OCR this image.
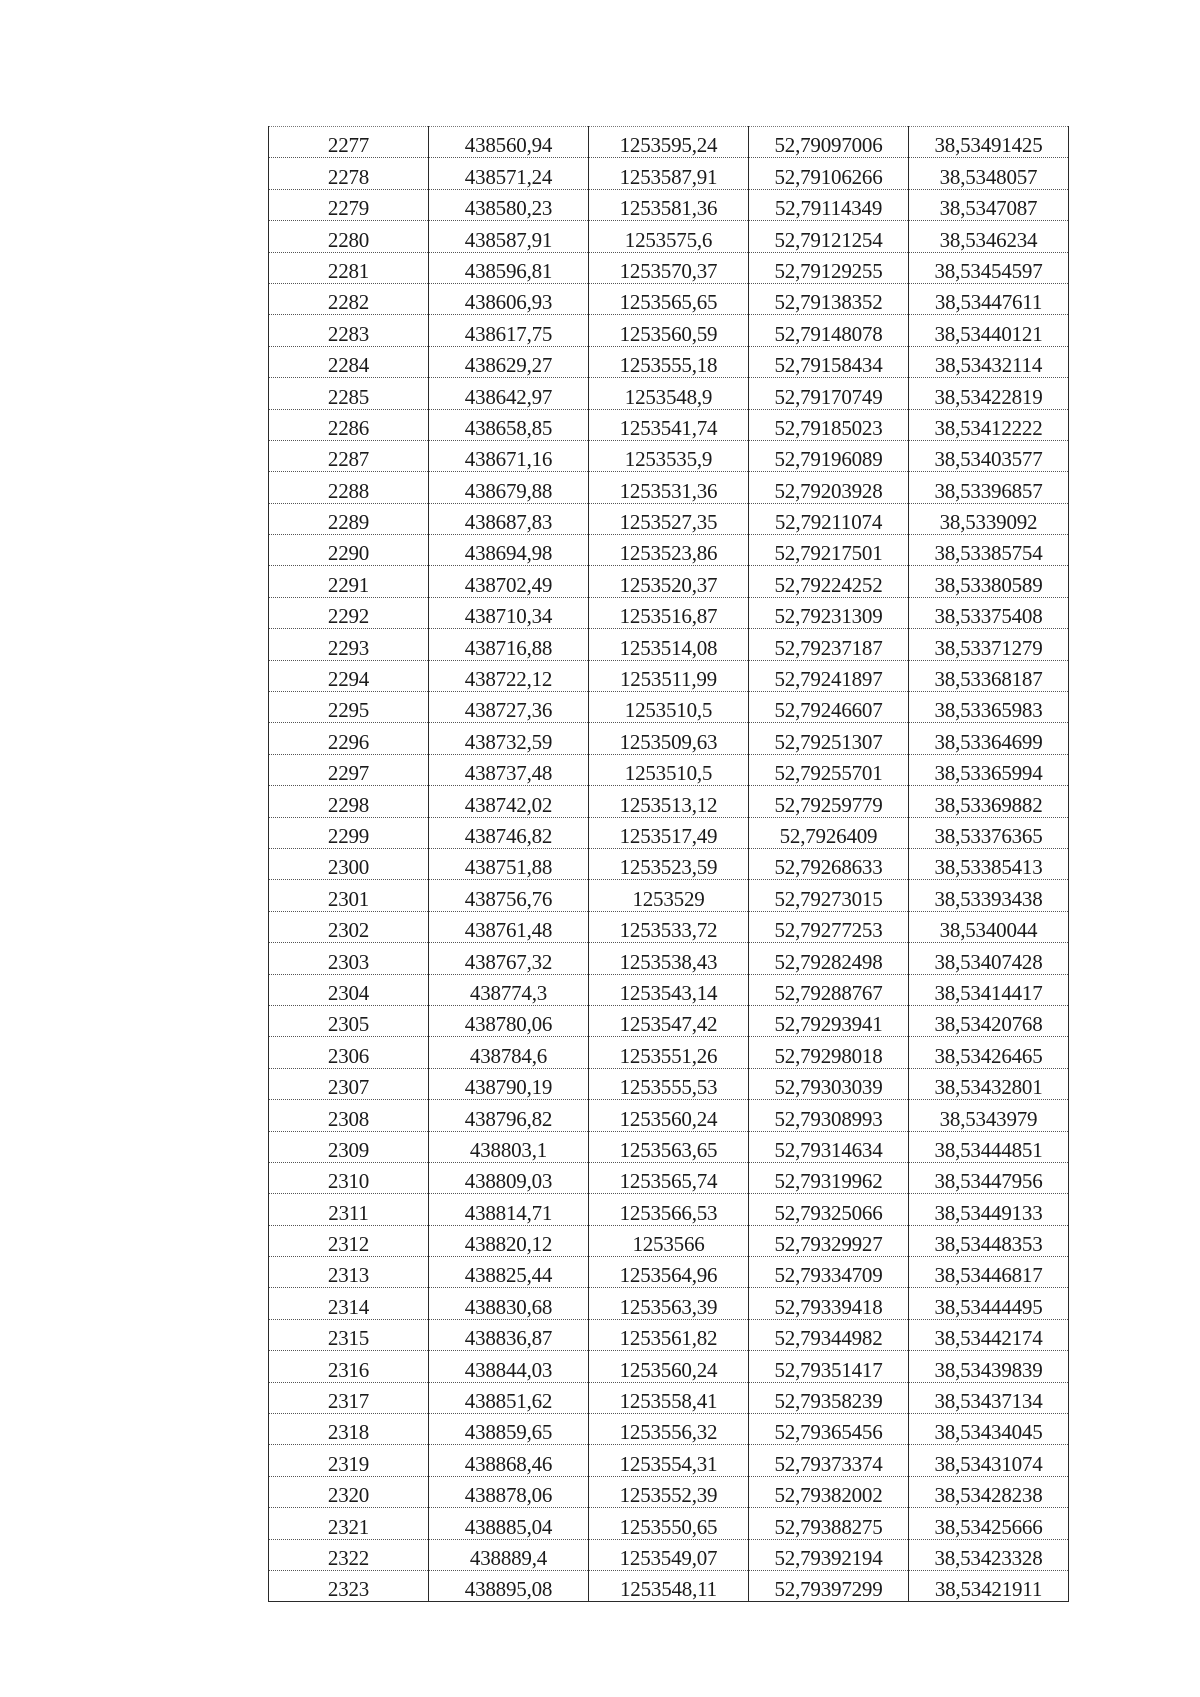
2277	438560,94	1253595,24	52,79097006	38,53491425
2278	438571,24	1253587,91	52,79106266	38,5348057
2279	438580,23	1253581,36	52,79114349	38,5347087
2280	438587,91	1253575,6	52,79121254	38,5346234
2281	438596,81	1253570,37	52,79129255	38,53454597
2282	438606,93	1253565,65	52,79138352	38,53447611
2283	438617,75	1253560,59	52,79148078	38,53440121
2284	438629,27	1253555,18	52,79158434	38,53432114
2285	438642,97	1253548,9	52,79170749	38,53422819
2286	438658,85	1253541,74	52,79185023	38,53412222
2287	438671,16	1253535,9	52,79196089	38,53403577
2288	438679,88	1253531,36	52,79203928	38,53396857
2289	438687,83	1253527,35	52,79211074	38,5339092
2290	438694,98	1253523,86	52,79217501	38,53385754
2291	438702,49	1253520,37	52,79224252	38,53380589
2292	438710,34	1253516,87	52,79231309	38,53375408
2293	438716,88	1253514,08	52,79237187	38,53371279
2294	438722,12	1253511,99	52,79241897	38,53368187
2295	438727,36	1253510,5	52,79246607	38,53365983
2296	438732,59	1253509,63	52,79251307	38,53364699
2297	438737,48	1253510,5	52,79255701	38,53365994
2298	438742,02	1253513,12	52,79259779	38,53369882
2299	438746,82	1253517,49	52,7926409	38,53376365
2300	438751,88	1253523,59	52,79268633	38,53385413
2301	438756,76	1253529	52,79273015	38,53393438
2302	438761,48	1253533,72	52,79277253	38,5340044
2303	438767,32	1253538,43	52,79282498	38,53407428
2304	438774,3	1253543,14	52,79288767	38,53414417
2305	438780,06	1253547,42	52,79293941	38,53420768
2306	438784,6	1253551,26	52,79298018	38,53426465
2307	438790,19	1253555,53	52,79303039	38,53432801
2308	438796,82	1253560,24	52,79308993	38,5343979
2309	438803,1	1253563,65	52,79314634	38,53444851
2310	438809,03	1253565,74	52,79319962	38,53447956
2311	438814,71	1253566,53	52,79325066	38,53449133
2312	438820,12	1253566	52,79329927	38,53448353
2313	438825,44	1253564,96	52,79334709	38,53446817
2314	438830,68	1253563,39	52,79339418	38,53444495
2315	438836,87	1253561,82	52,79344982	38,53442174
2316	438844,03	1253560,24	52,79351417	38,53439839
2317	438851,62	1253558,41	52,79358239	38,53437134
2318	438859,65	1253556,32	52,79365456	38,53434045
2319	438868,46	1253554,31	52,79373374	38,53431074
2320	438878,06	1253552,39	52,79382002	38,53428238
2321	438885,04	1253550,65	52,79388275	38,53425666
2322	438889,4	1253549,07	52,79392194	38,53423328
2323	438895,08	1253548,11	52,79397299	38,53421911
